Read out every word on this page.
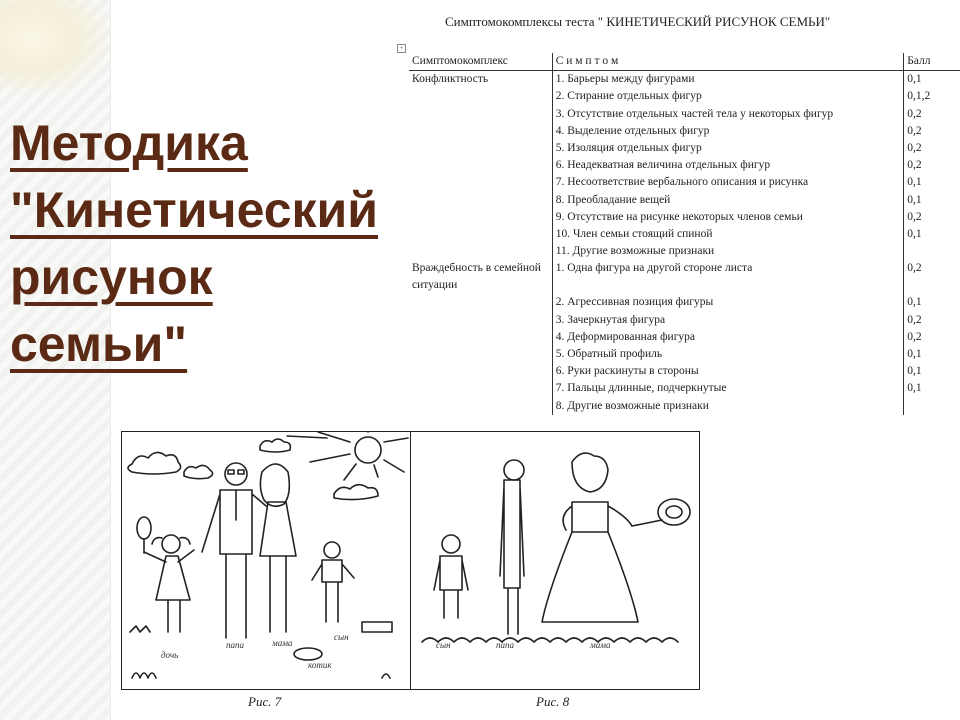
Методика "Кинетический рисунок семьи"
Симптомокомплексы теста " КИНЕТИЧЕСКИЙ РИСУНОК СЕМЬИ"
+
Симптомокомплекс	С и м п т о м	Балл
Конфликтность	1. Барьеры между фигурами	0,1
	2. Стирание отдельных фигур	0,1,2
	3. Отсутствие отдельных частей тела у некоторых фигур	0,2
	4. Выделение отдельных фигур	0,2
	5. Изоляция отдельных фигур	0,2
	6. Неадекватная величина отдельных фигур	0,2
	7. Несоответствие вербального описания и рисунка	0,1
	8. Преобладание вещей	0,1
	9. Отсутствие на рисунке некоторых членов семьи	0,2
	10. Член семьи стоящий спиной	0,1
	11. Другие возможные признаки	
Враждебность в семейной ситуации	1. Одна фигура на другой стороне листа	0,2
	2. Агрессивная позиция фигуры	0,1
	3. Зачеркнутая фигура	0,2
	4. Деформированная фигура	0,2
	5. Обратный профиль	0,1
	6. Руки раскинуты в стороны	0,1
	7. Пальцы длинные, подчеркнутые	0,1
	8. Другие возможные признаки	
дочь
папа	мама
сын
котик
сын	папа	мама
Рис. 7	Рис. 8
